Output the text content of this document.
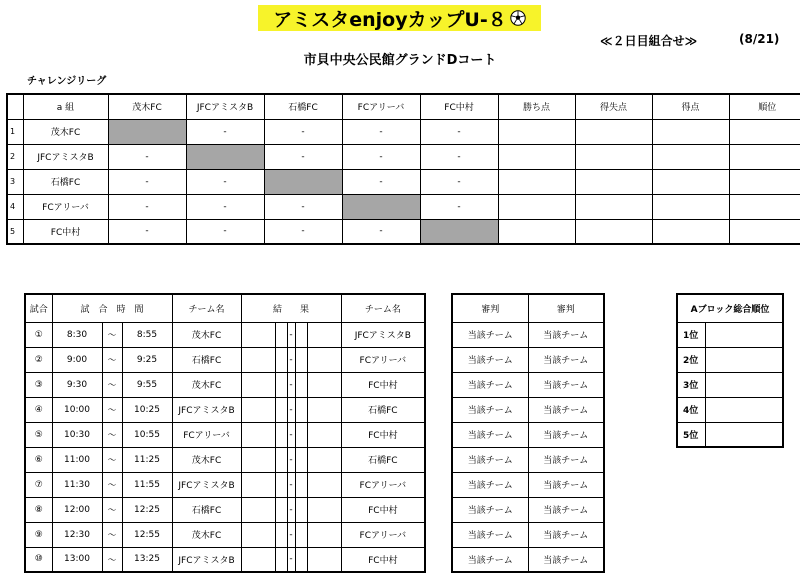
アミスタenjoyカップU-８
≪２日目組合せ≫	(8/21)
市貝中央公民館グランドDコート
チャレンジリーグ
	a 組	茂木FC	JFCアミスタB	石橋FC	FCアリーバ	FC中村	勝ち点	得失点	得点	順位
1	茂木FC		-	-	-	-				
2	JFCアミスタB	-		-	-	-				
3	石橋FC	-	-		-	-				
4	FCアリーバ	-	-	-		-				
5	FC中村	-	-	-	-					
試合	試　合　時　間			チーム名	結　　果					チーム名
①	8:30	～	8:55	茂木FC			-			JFCアミスタB
②	9:00	～	9:25	石橋FC			-			FCアリーバ
③	9:30	～	9:55	茂木FC			-			FC中村
④	10:00	～	10:25	JFCアミスタB			-			石橋FC
⑤	10:30	～	10:55	FCアリーバ			-			FC中村
⑥	11:00	～	11:25	茂木FC			-			石橋FC
⑦	11:30	～	11:55	JFCアミスタB			-			FCアリーバ
⑧	12:00	～	12:25	石橋FC			-			FC中村
⑨	12:30	～	12:55	茂木FC			-			FCアリーバ
⑩	13:00	～	13:25	JFCアミスタB			-			FC中村
審判	審判
当該チーム	当該チーム
当該チーム	当該チーム
当該チーム	当該チーム
当該チーム	当該チーム
当該チーム	当該チーム
当該チーム	当該チーム
当該チーム	当該チーム
当該チーム	当該チーム
当該チーム	当該チーム
当該チーム	当該チーム
Aブロック総合順位	
1位	
2位	
3位	
4位	
5位	
